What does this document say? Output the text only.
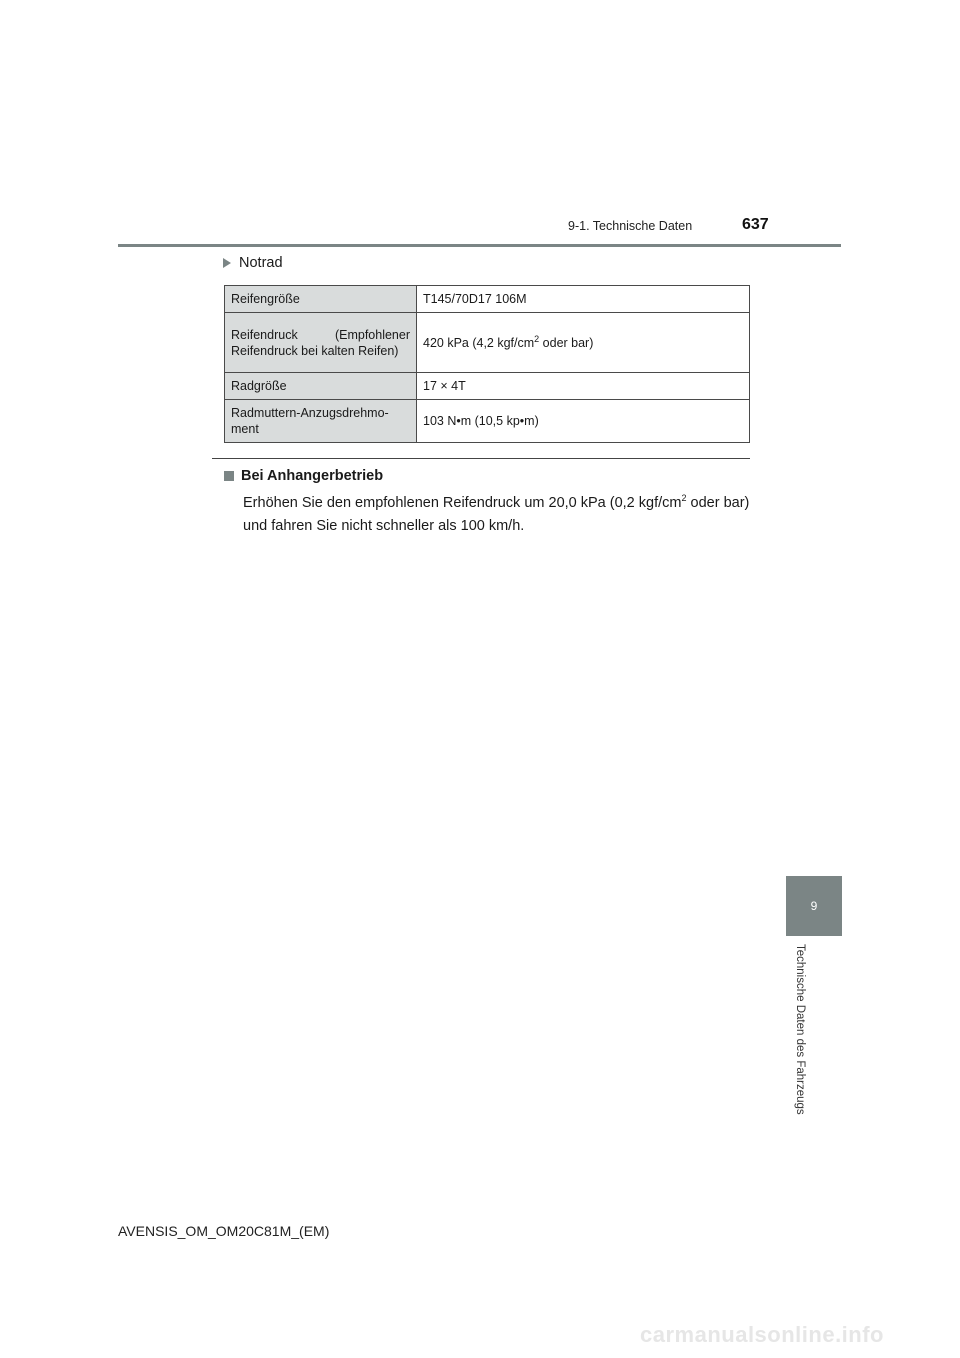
9-1. Technische Daten	637
Notrad
Reifengröße	T145/70D17 106M
Reifendruck (Empfohlener Reifendruck bei kalten Reifen)	420 kPa (4,2 kgf/$cm^2$ oder bar)
Radgröße	17 × 4T
Radmuttern-Anzugsdrehmo-ment	103 N•m (10,5 kp•m)
Bei Anhangerbetrieb
Erhöhen Sie den empfohlenen Reifendruck um 20,0 kPa (0,2 kgf/$cm^2$ oder bar) und fahren Sie nicht schneller als 100 km/h.
9
Technische Daten des Fahrzeugs
AVENSIS_OM_OM20C81M_(EM)
carmanualsonline.info
